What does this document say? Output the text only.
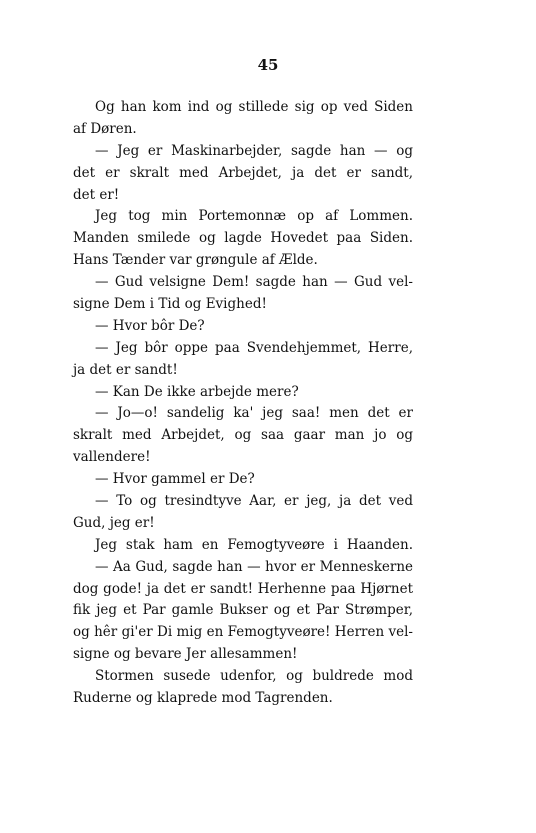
45
Og han kom ind og stillede sig op ved Siden
af Døren.
— Jeg er Maskinarbejder, sagde han — og
det er skralt med Arbejdet, ja det er sandt,
det er!
Jeg tog min Portemonnæ op af Lommen.
Manden smilede og lagde Hovedet paa Siden.
Hans Tænder var grøngule af Ælde.
— Gud velsigne Dem! sagde han — Gud vel-
signe Dem i Tid og Evighed!
— Hvor bôr De?
— Jeg bôr oppe paa Svendehjemmet, Herre,
ja det er sandt!
— Kan De ikke arbejde mere?
— Jo—o! sandelig ka' jeg saa! men det er
skralt med Arbejdet, og saa gaar man jo og
vallendere!
— Hvor gammel er De?
— To og tresindtyve Aar, er jeg, ja det ved
Gud, jeg er!
Jeg stak ham en Femogtyveøre i Haanden.
— Aa Gud, sagde han — hvor er Menneskerne
dog gode! ja det er sandt! Herhenne paa Hjørnet
fik jeg et Par gamle Bukser og et Par Strømper,
og hêr gi'er Di mig en Femogtyveøre! Herren vel-
signe og bevare Jer allesammen!
Stormen susede udenfor, og buldrede mod
Ruderne og klaprede mod Tagrenden.
